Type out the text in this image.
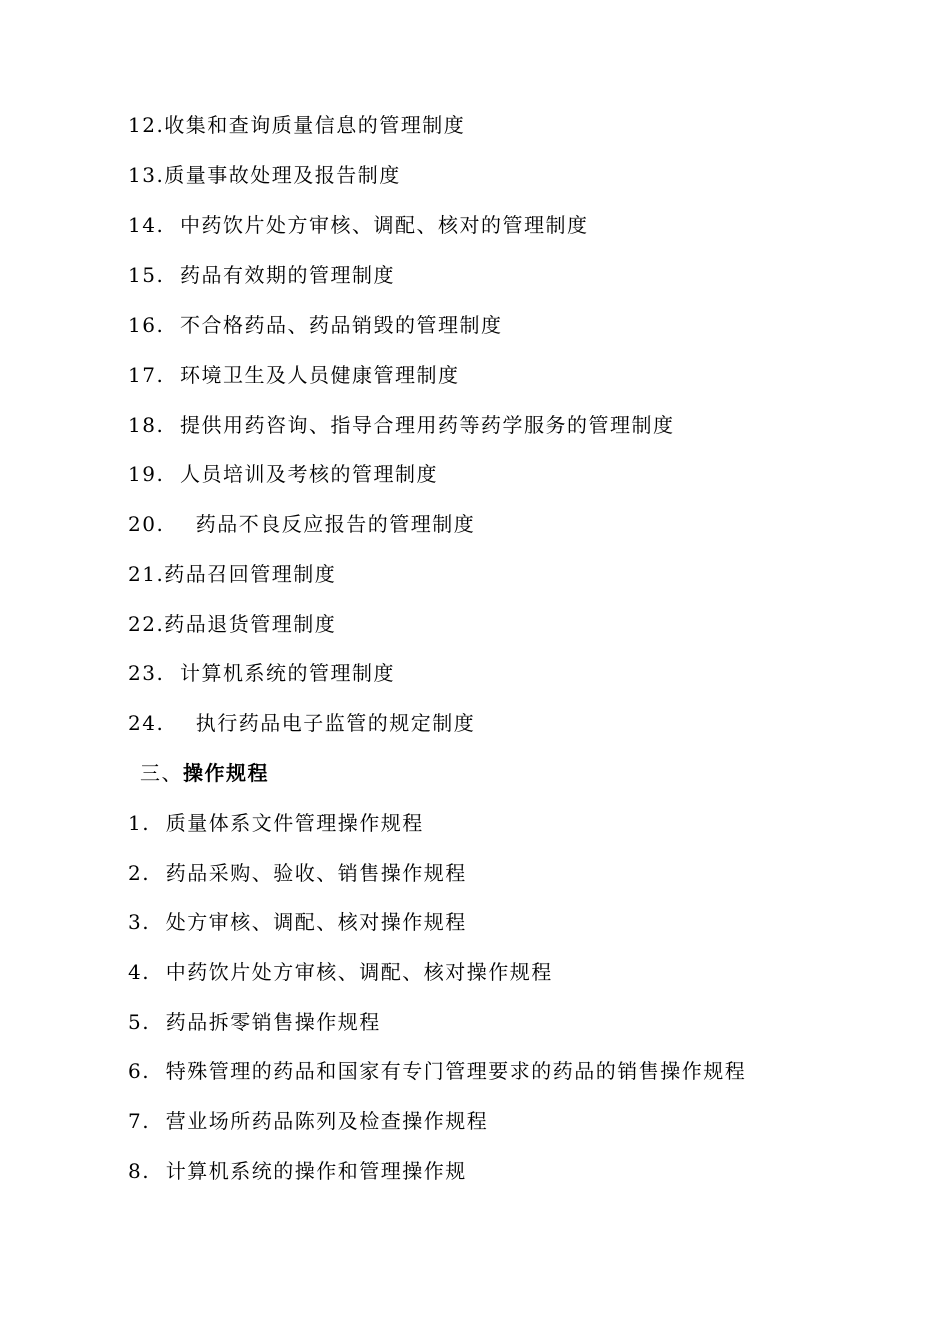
12.收集和查询质量信息的管理制度
13.质量事故处理及报告制度
14.  中药饮片处方审核、调配、核对的管理制度
15.  药品有效期的管理制度
16.  不合格药品、药品销毁的管理制度
17.  环境卫生及人员健康管理制度
18.  提供用药咨询、指导合理用药等药学服务的管理制度
19.  人员培训及考核的管理制度
20.    药品不良反应报告的管理制度
21.药品召回管理制度
22.药品退货管理制度
23.  计算机系统的管理制度
24.    执行药品电子监管的规定制度
三、操作规程
1.  质量体系文件管理操作规程
2.  药品采购、验收、销售操作规程
3.  处方审核、调配、核对操作规程
4.  中药饮片处方审核、调配、核对操作规程
5.  药品拆零销售操作规程
6.  特殊管理的药品和国家有专门管理要求的药品的销售操作规程
7.  营业场所药品陈列及检查操作规程
8.  计算机系统的操作和管理操作规
